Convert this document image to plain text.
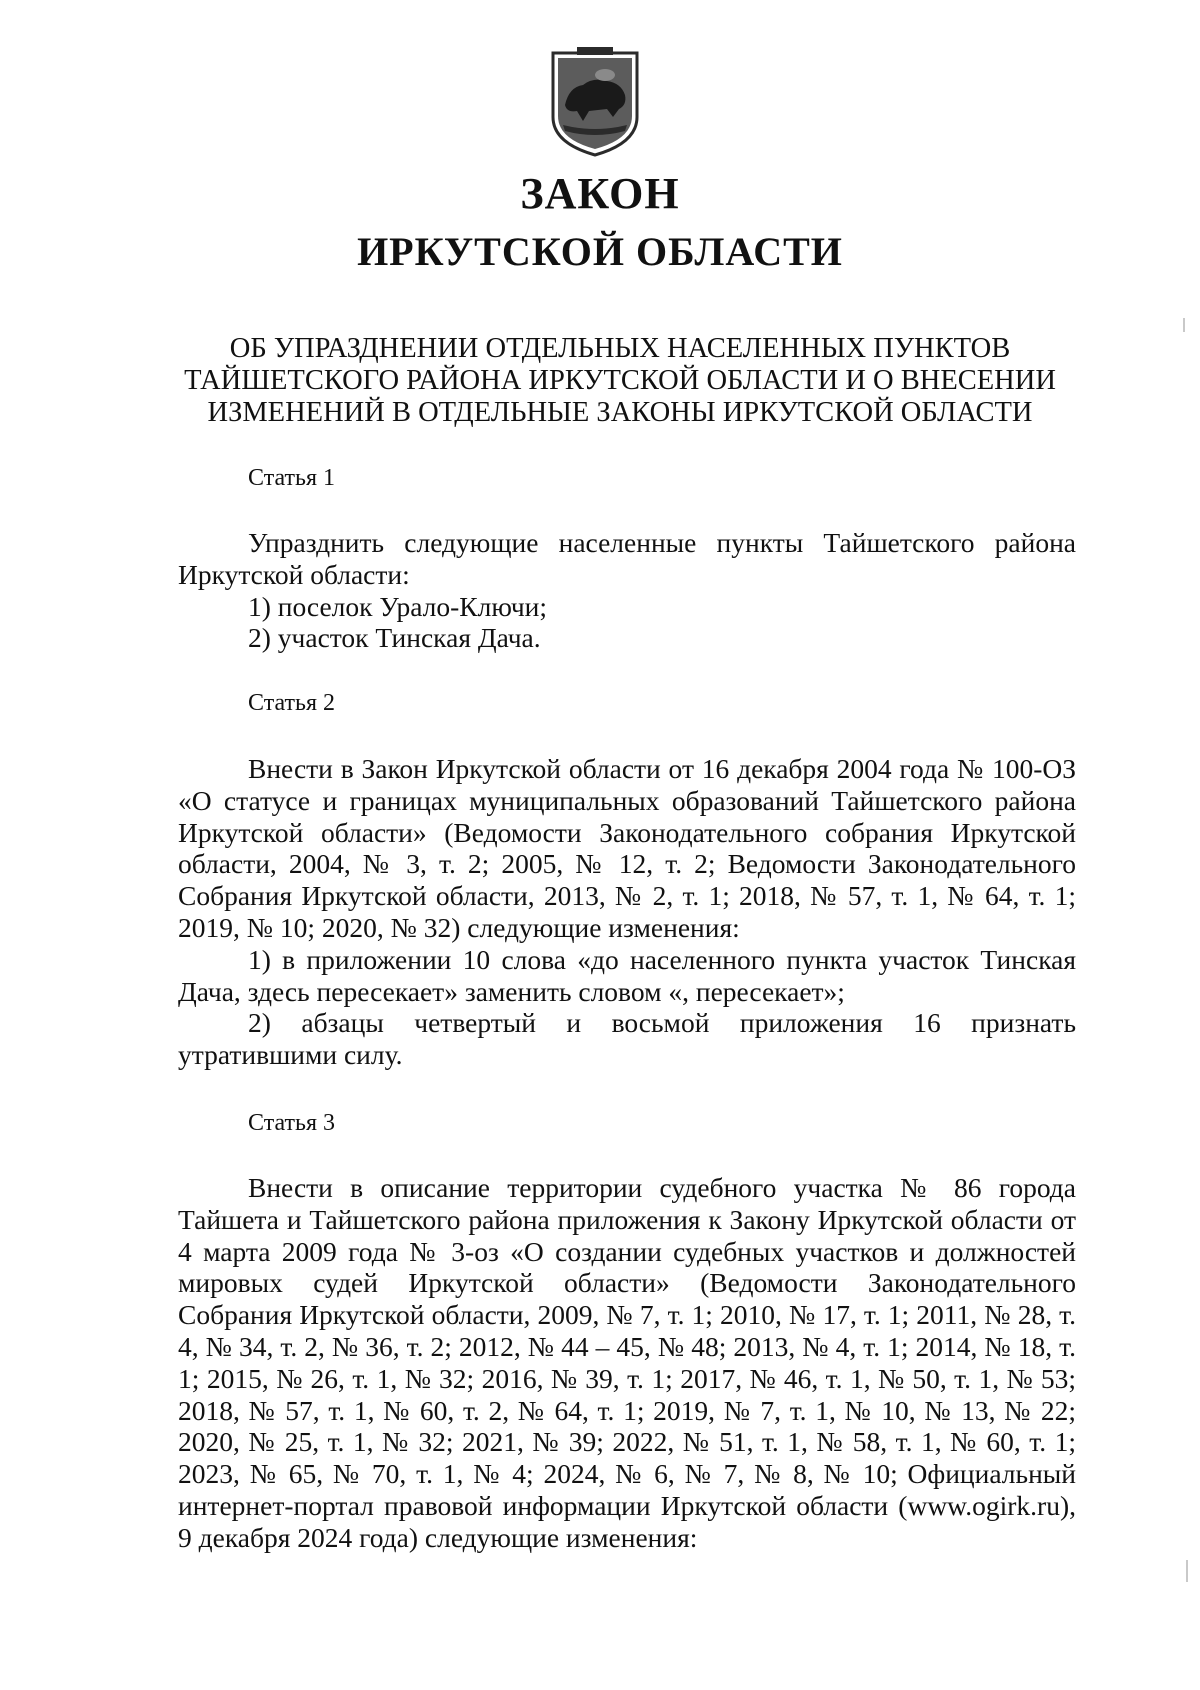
ЗАКОН
ИРКУТСКОЙ ОБЛАСТИ

ОБ УПРАЗДНЕНИИ ОТДЕЛЬНЫХ НАСЕЛЕННЫХ ПУНКТОВ ТАЙШЕТСКОГО РАЙОНА ИРКУТСКОЙ ОБЛАСТИ И О ВНЕСЕНИИ ИЗМЕНЕНИЙ В ОТДЕЛЬНЫЕ ЗАКОНЫ ИРКУТСКОЙ ОБЛАСТИ

Статья 1

Упразднить следующие населенные пункты Тайшетского района Иркутской области:

1) поселок Урало-Ключи;

2) участок Тинская Дача.

Статья 2

Внести в Закон Иркутской области от 16 декабря 2004 года № 100-ОЗ «О статусе и границах муниципальных образований Тайшетского района Иркутской области» (Ведомости Законодательного собрания Иркутской области, 2004, № 3, т. 2; 2005, № 12, т. 2; Ведомости Законодательного Собрания Иркутской области, 2013, № 2, т. 1; 2018, № 57, т. 1, № 64, т. 1; 2019, № 10; 2020, № 32) следующие изменения:

1) в приложении 10 слова «до населенного пункта участок Тинская Дача, здесь пересекает» заменить словом «, пересекает»;

2) абзацы четвертый и восьмой приложения 16 признать утратившими силу.

Статья 3

Внести в описание территории судебного участка № 86 города Тайшета и Тайшетского района приложения к Закону Иркутской области от 4 марта 2009 года № 3-оз «О создании судебных участков и должностей мировых судей Иркутской области» (Ведомости Законодательного Собрания Иркутской области, 2009, № 7, т. 1; 2010, № 17, т. 1; 2011, № 28, т. 4, № 34, т. 2, № 36, т. 2; 2012, № 44 – 45, № 48; 2013, № 4, т. 1; 2014, № 18, т. 1; 2015, № 26, т. 1, № 32; 2016, № 39, т. 1; 2017, № 46, т. 1, № 50, т. 1, № 53; 2018, № 57, т. 1, № 60, т. 2, № 64, т. 1; 2019, № 7, т. 1, № 10, № 13, № 22; 2020, № 25, т. 1, № 32; 2021, № 39; 2022, № 51, т. 1, № 58, т. 1, № 60, т. 1; 2023, № 65, № 70, т. 1, № 4; 2024, № 6, № 7, № 8, № 10; Официальный интернет-портал правовой информации Иркутской области (www.ogirk.ru), 9 декабря 2024 года) следующие изменения:
